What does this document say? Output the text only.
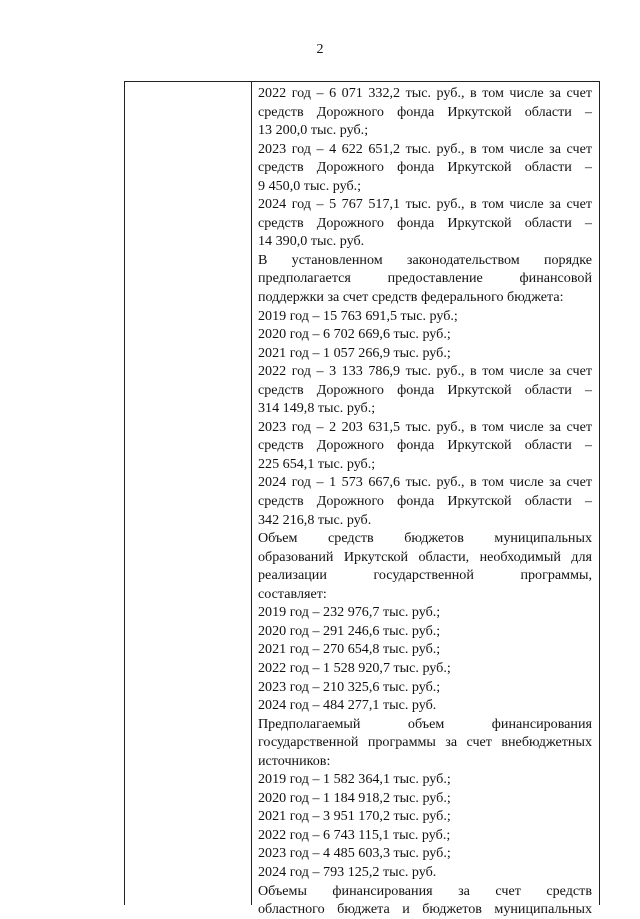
2
2022 год – 6 071 332,2 тыс. руб., в том числе за счет
средств Дорожного фонда Иркутской области –
13 200,0 тыс. руб.;
2023 год – 4 622 651,2 тыс. руб., в том числе за счет
средств Дорожного фонда Иркутской области –
9 450,0 тыс. руб.;
2024 год – 5 767 517,1 тыс. руб., в том числе за счет
средств Дорожного фонда Иркутской области –
14 390,0 тыс. руб.
В установленном законодательством порядке
предполагается предоставление финансовой
поддержки за счет средств федерального бюджета:
2019 год – 15 763 691,5 тыс. руб.;
2020 год – 6 702 669,6 тыс. руб.;
2021 год – 1 057 266,9 тыс. руб.;
2022 год – 3 133 786,9 тыс. руб., в том числе за счет
средств Дорожного фонда Иркутской области –
314 149,8 тыс. руб.;
2023 год – 2 203 631,5 тыс. руб., в том числе за счет
средств Дорожного фонда Иркутской области –
225 654,1 тыс. руб.;
2024 год – 1 573 667,6 тыс. руб., в том числе за счет
средств Дорожного фонда Иркутской области –
342 216,8 тыс. руб.
Объем средств бюджетов муниципальных
образований Иркутской области, необходимый для
реализации государственной программы,
составляет:
2019 год – 232 976,7 тыс. руб.;
2020 год – 291 246,6 тыс. руб.;
2021 год – 270 654,8 тыс. руб.;
2022 год – 1 528 920,7 тыс. руб.;
2023 год – 210 325,6 тыс. руб.;
2024 год – 484 277,1 тыс. руб.
Предполагаемый объем финансирования
государственной программы за счет внебюджетных
источников:
2019 год – 1 582 364,1 тыс. руб.;
2020 год – 1 184 918,2 тыс. руб.;
2021 год – 3 951 170,2 тыс. руб.;
2022 год – 6 743 115,1 тыс. руб.;
2023 год – 4 485 603,3 тыс. руб.;
2024 год – 793 125,2 тыс. руб.
Объемы финансирования за счет средств
областного бюджета и бюджетов муниципальных
